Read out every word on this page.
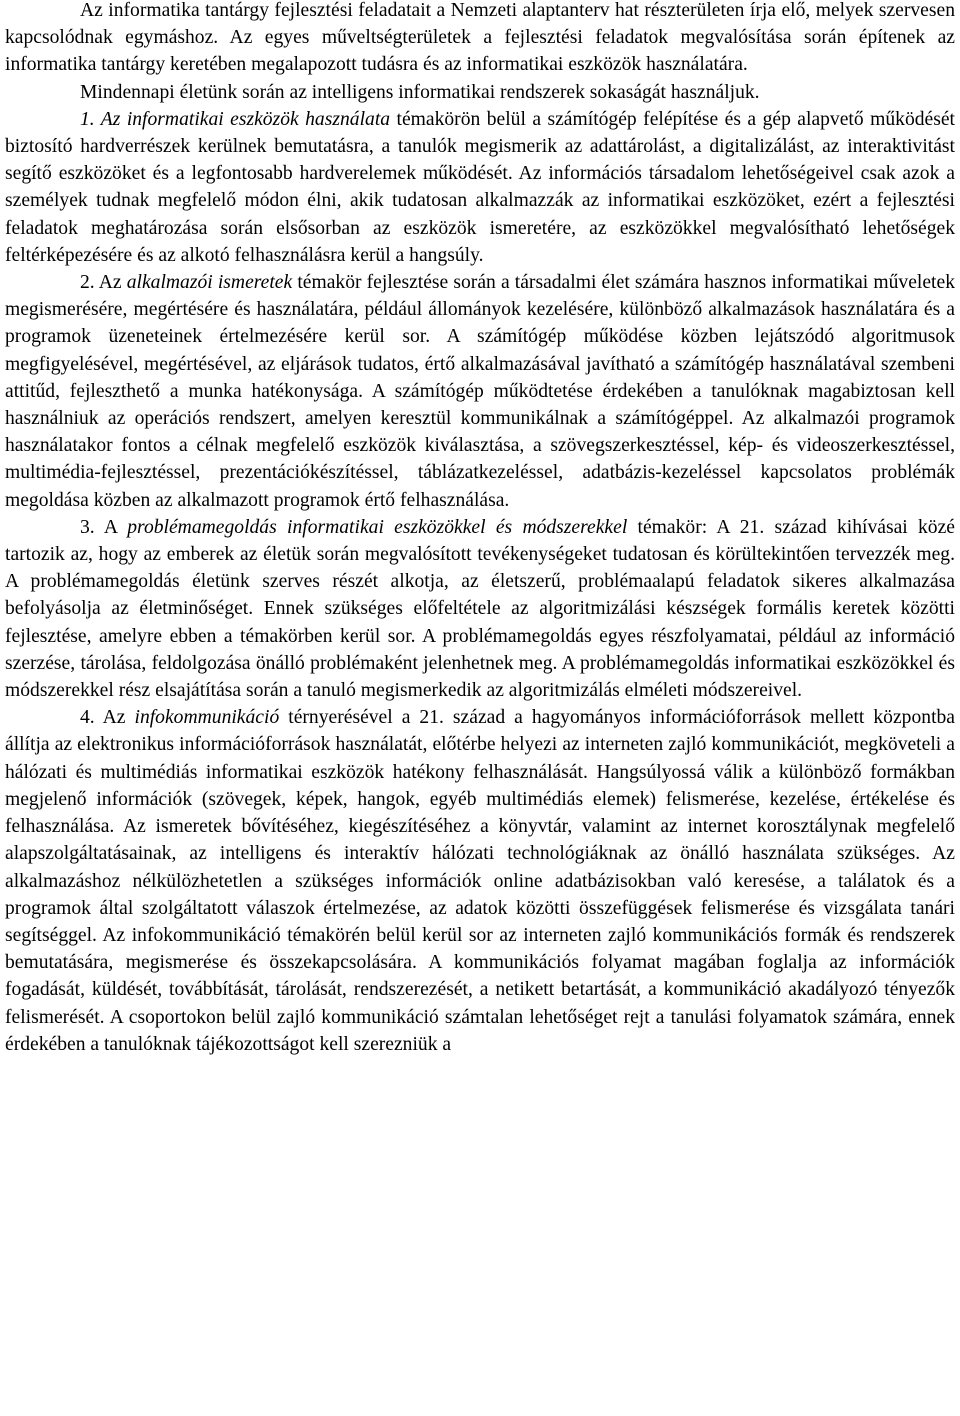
Az informatika tantárgy fejlesztési feladatait a Nemzeti alaptanterv hat részterületen írja elő, melyek szervesen kapcsolódnak egymáshoz. Az egyes műveltségterületek a fejlesztési feladatok megvalósítása során építenek az informatika tantárgy keretében megalapozott tudásra és az informatikai eszközök használatára.

Mindennapi életünk során az intelligens informatikai rendszerek sokaságát használjuk.

1. Az informatikai eszközök használata témakörön belül a számítógép felépítése és a gép alapvető működését biztosító hardverrészek kerülnek bemutatásra, a tanulók megismerik az adattárolást, a digitalizálást, az interaktivitást segítő eszközöket és a legfontosabb hardverelemek működését. Az információs társadalom lehetőségeivel csak azok a személyek tudnak megfelelő módon élni, akik tudatosan alkalmazzák az informatikai eszközöket, ezért a fejlesztési feladatok meghatározása során elsősorban az eszközök ismeretére, az eszközökkel megvalósítható lehetőségek feltérképezésére és az alkotó felhasználásra kerül a hangsúly.

2. Az alkalmazói ismeretek témakör fejlesztése során a társadalmi élet számára hasznos informatikai műveletek megismerésére, megértésére és használatára, például állományok kezelésére, különböző alkalmazások használatára és a programok üzeneteinek értelmezésére kerül sor. A számítógép működése közben lejátszódó algoritmusok megfigyelésével, megértésével, az eljárások tudatos, értő alkalmazásával javítható a számítógép használatával szembeni attitűd, fejleszthető a munka hatékonysága. A számítógép működtetése érdekében a tanulóknak magabiztosan kell használniuk az operációs rendszert, amelyen keresztül kommunikálnak a számítógéppel. Az alkalmazói programok használatakor fontos a célnak megfelelő eszközök kiválasztása, a szövegszerkesztéssel, kép- és videoszerkesztéssel, multimédia-fejlesztéssel, prezentációkészítéssel, táblázatkezeléssel, adatbázis-kezeléssel kapcsolatos problémák megoldása közben az alkalmazott programok értő felhasználása.

3. A problémamegoldás informatikai eszközökkel és módszerekkel témakör: A 21. század kihívásai közé tartozik az, hogy az emberek az életük során megvalósított tevékenységeket tudatosan és körültekintően tervezzék meg. A problémamegoldás életünk szerves részét alkotja, az életszerű, problémaalapú feladatok sikeres alkalmazása befolyásolja az életminőséget. Ennek szükséges előfeltétele az algoritmizálási készségek formális keretek közötti fejlesztése, amelyre ebben a témakörben kerül sor. A problémamegoldás egyes részfolyamatai, például az információ szerzése, tárolása, feldolgozása önálló problémaként jelenhetnek meg. A problémamegoldás informatikai eszközökkel és módszerekkel rész elsajátítása során a tanuló megismerkedik az algoritmizálás elméleti módszereivel.

4. Az infokommunikáció térnyerésével a 21. század a hagyományos információforrások mellett központba állítja az elektronikus információforrások használatát, előtérbe helyezi az interneten zajló kommunikációt, megköveteli a hálózati és multimédiás informatikai eszközök hatékony felhasználását. Hangsúlyossá válik a különböző formákban megjelenő információk (szövegek, képek, hangok, egyéb multimédiás elemek) felismerése, kezelése, értékelése és felhasználása. Az ismeretek bővítéséhez, kiegészítéséhez a könyvtár, valamint az internet korosztálynak megfelelő alapszolgáltatásainak, az intelligens és interaktív hálózati technológiáknak az önálló használata szükséges. Az alkalmazáshoz nélkülözhetetlen a szükséges információk online adatbázisokban való keresése, a találatok és a programok által szolgáltatott válaszok értelmezése, az adatok közötti összefüggések felismerése és vizsgálata tanári segítséggel. Az infokommunikáció témakörén belül kerül sor az interneten zajló kommunikációs formák és rendszerek bemutatására, megismerése és összekapcsolására. A kommunikációs folyamat magában foglalja az információk fogadását, küldését, továbbítását, tárolását, rendszerezését, a netikett betartását, a kommunikáció akadályozó tényezők felismerését. A csoportokon belül zajló kommunikáció számtalan lehetőséget rejt a tanulási folyamatok számára, ennek érdekében a tanulóknak tájékozottságot kell szerezniük a
